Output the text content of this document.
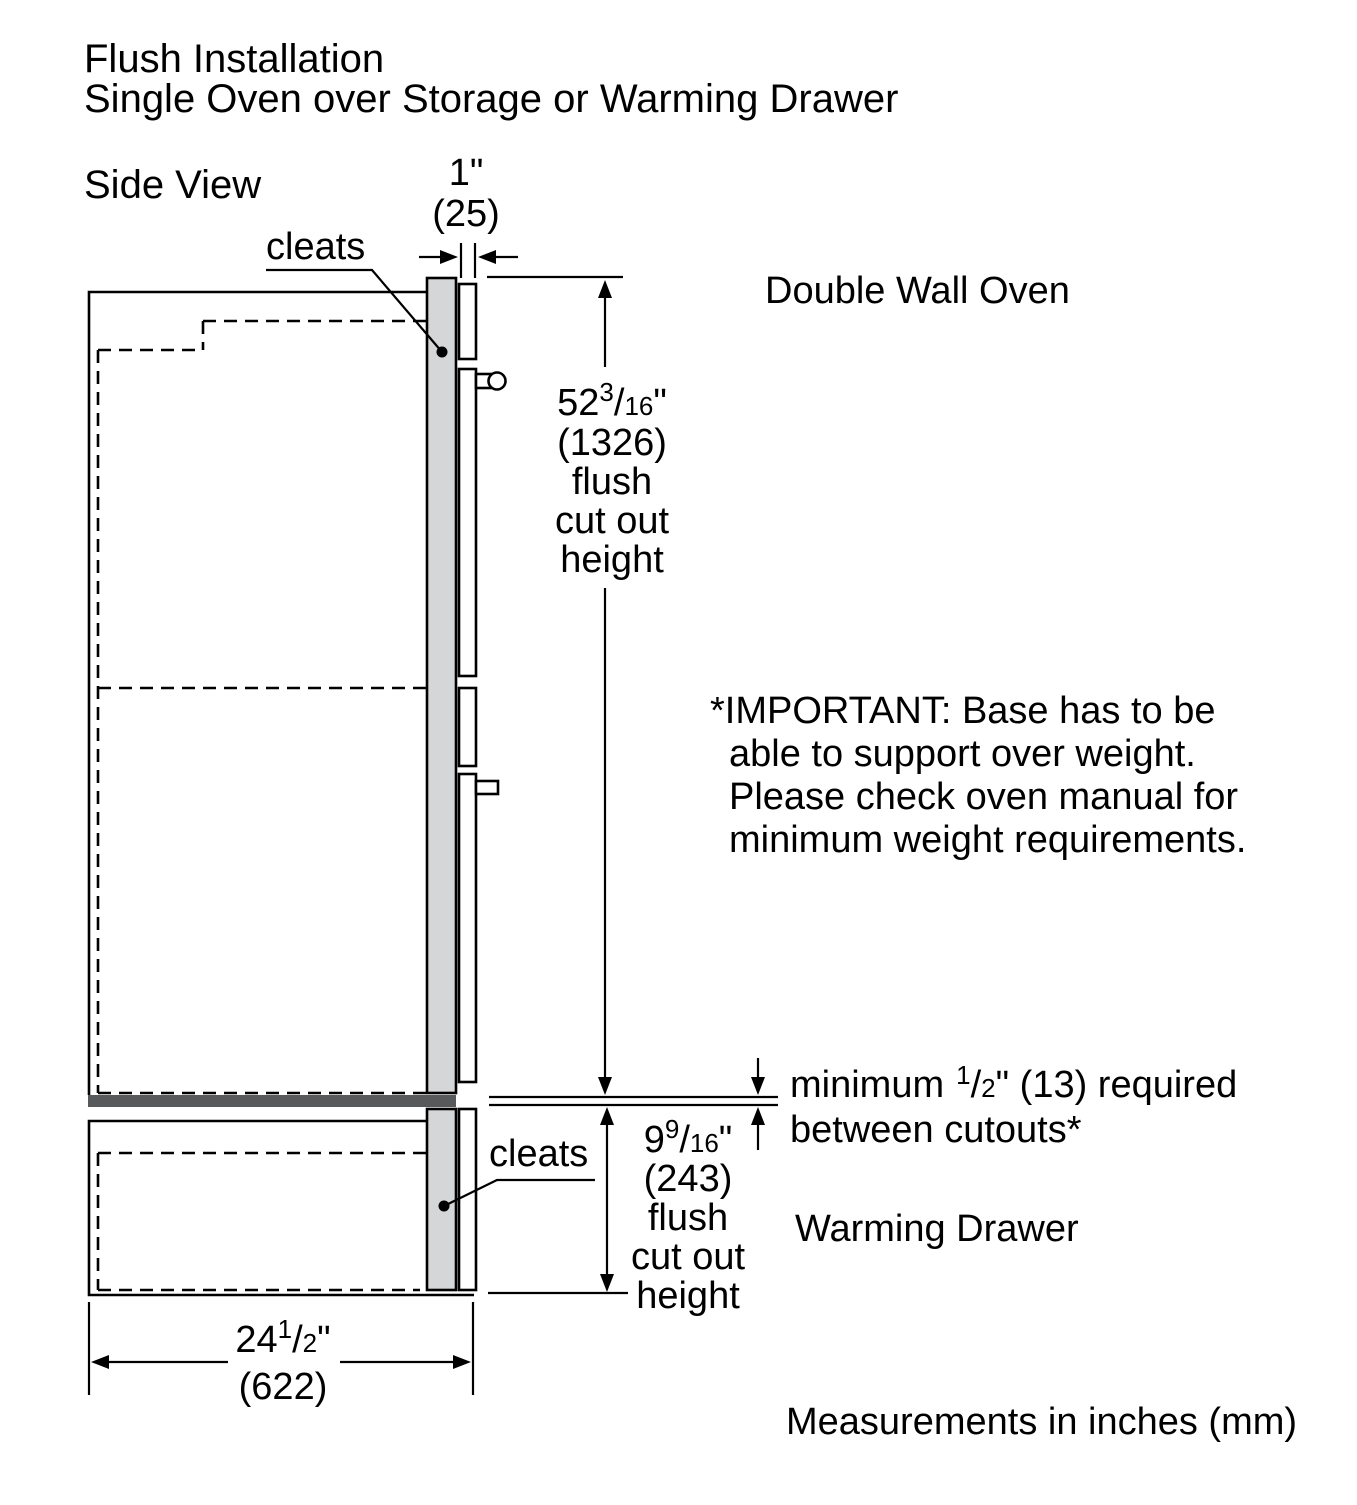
Flush Installation
Single Oven over Storage or Warming Drawer
Side View
cleats
cleats
1"
(25)
$52^3/16$"
(1326)
flush
cut out
height
Double Wall Oven
*IMPORTANT: Base has to be
able to support over weight.
Please check oven manual for
minimum weight requirements.
minimum $^1$/2" (13) required
between cutouts*
$9^9/16$"
(243)
flush
cut out
height
Warming Drawer
$24^1/2$"
(622)
Measurements in inches (mm)
